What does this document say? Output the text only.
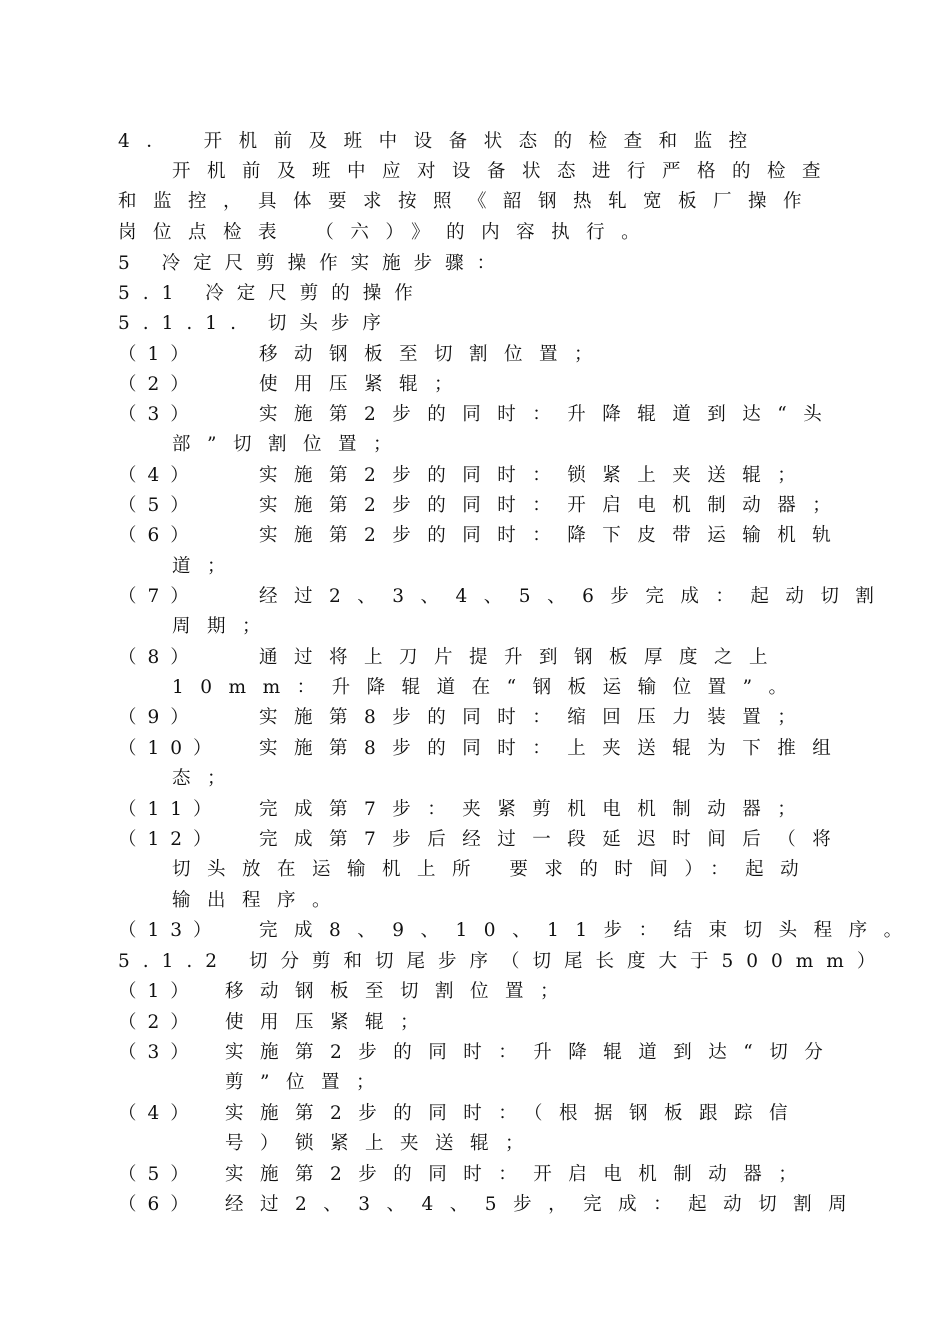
4． 开机前及班中设备状态的检查和监控
开机前及班中应对设备状态进行严格的检查
和监控，具体要求按照《韶钢热轧宽板厂操作
岗位点检表 （六）》的内容执行。
5 冷定尺剪操作实施步骤：
5.1 冷定尺剪的操作
5.1.1. 切头步序
（1）	移动钢板至切割位置；
（2）	使用压紧辊；
（3）	实施第2步的同时：升降辊道到达“头
部”切割位置；
（4）	实施第2步的同时：锁紧上夹送辊；
（5）	实施第2步的同时：开启电机制动器；
（6）	实施第2步的同时：降下皮带运输机轨
道；
（7）	经过2、3、4、5、6步完成：起动切割
周期；
（8）	通过将上刀片提升到钢板厚度之上
10mm：升降辊道在“钢板运输位置”。
（9）	实施第8步的同时：缩回压力装置；
（10） 实施第8步的同时：上夹送辊为下推组
态；
（11） 完成第7步：夹紧剪机电机制动器；
（12） 完成第7步后经过一段延迟时间后（将
切头放在运输机上所 要求的时间）：起动
输出程序。
（13） 完成8、9、10、11步：结束切头程序。
5.1.2 切分剪和切尾步序（切尾长度大于500mm）
（1） 移动钢板至切割位置；
（2） 使用压紧辊；
（3） 实施第2步的同时：升降辊道到达“切分
剪”位置；
（4） 实施第2步的同时：（根据钢板跟踪信
号）锁紧上夹送辊；
（5） 实施第2步的同时：开启电机制动器；
（6） 经过2、3、4、5步，完成：起动切割周
